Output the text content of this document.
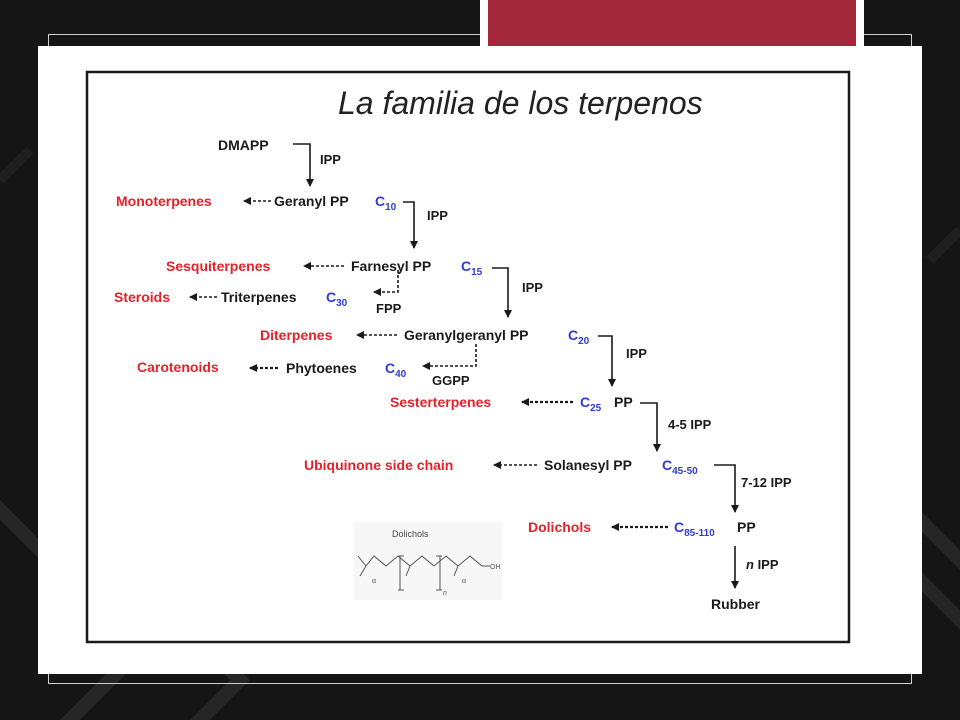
La familia de los terpenos
DMAPP
Geranyl PP $C_{10}$
Farnesyl PP $C_{15}$
Triterpenes $C_{30}$
Geranylgeranyl PP	$C_{20}$
Phytoenes $C_{40}$
$C_{25}$ PP
Solanesyl PP $C_{45-50}$
$C_{85-110}$ PP
Rubber
Monoterpenes
Sesquiterpenes
Steroids
Diterpenes
Carotenoids
Sesterterpenes
Ubiquinone side chain
Dolichols
IPP
IPP
IPP
IPP
FPP
GGPP
4-5 IPP
7-12 IPP
n IPP
Dolichols
α
n
α
OH
